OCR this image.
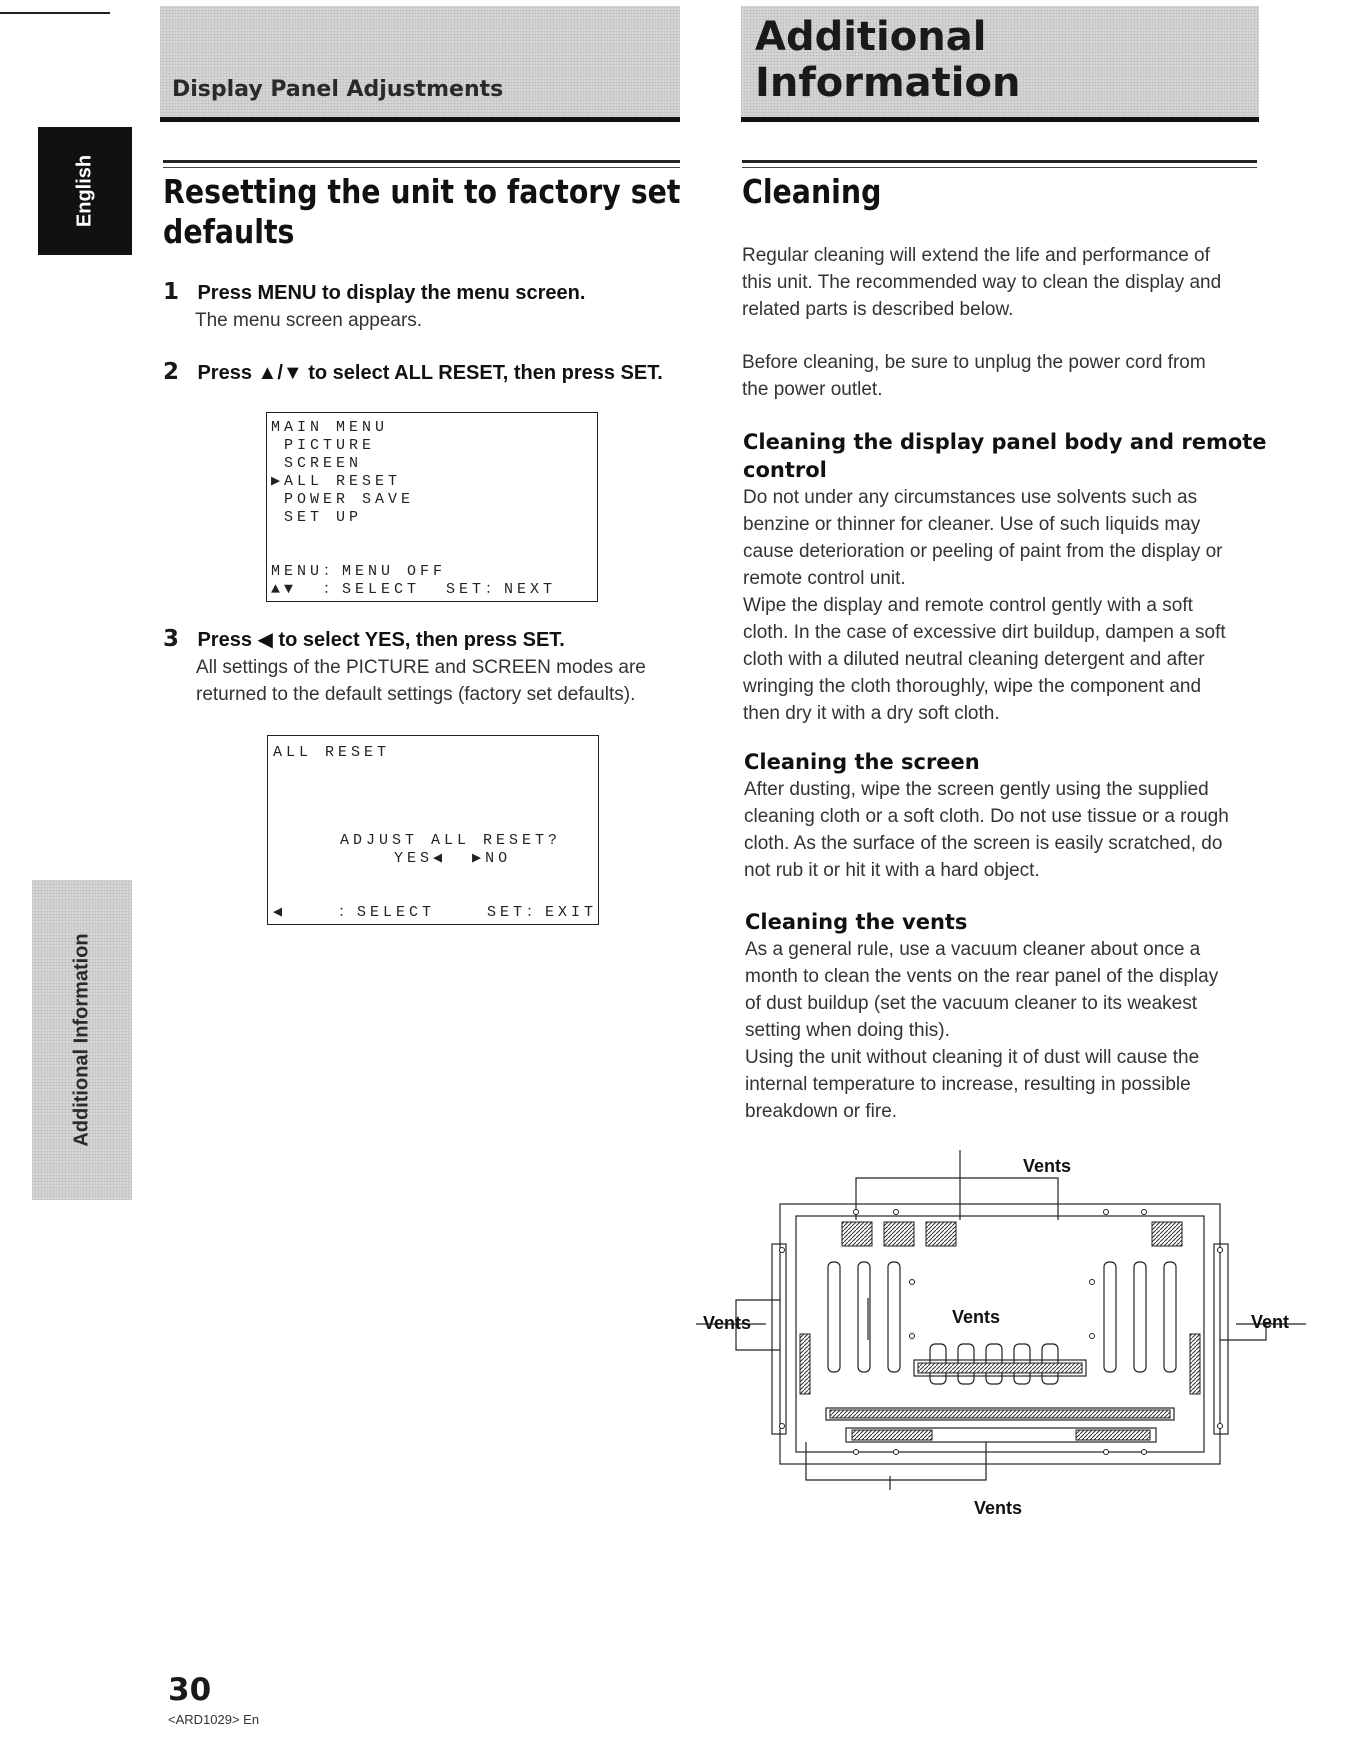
Display Panel Adjustments
Additional Information
English
Additional Information
Resetting the unit to factory set
defaults
1 Press MENU to display the menu screen.
The menu screen appears.
2 Press ▲/▼ to select ALL RESET, then press SET.
MAIN MENU
PICTURE
SCREEN
▶ALL RESET
POWER SAVE
SET UP
MENU：MENU OFF
▲▼  ：SELECT  SET：NEXT
3 Press ◀ to select YES, then press SET.
All settings of the PICTURE and SCREEN modes are
returned to the default settings (factory set defaults).
ALL RESET
ADJUST ALL RESET?
YES◀  ▶NO
◀    ：SELECT    SET：EXIT
Cleaning
Regular cleaning will extend the life and performance of
this unit. The recommended way to clean the display and
related parts is described below.
Before cleaning, be sure to unplug the power cord from
the power outlet.
Cleaning the display panel body and remote
control
Do not under any circumstances use solvents such as
benzine or thinner for cleaner. Use of such liquids may
cause deterioration or peeling of paint from the display or
remote control unit.
Wipe the display and remote control gently with a soft
cloth. In the case of excessive dirt buildup, dampen a soft
cloth with a diluted neutral cleaning detergent and after
wringing the cloth thoroughly, wipe the component and
then dry it with a dry soft cloth.
Cleaning the screen
After dusting, wipe the screen gently using the supplied
cleaning cloth or a soft cloth. Do not use tissue or a rough
cloth. As the surface of the screen is easily scratched, do
not rub it or hit it with a hard object.
Cleaning the vents
As a general rule, use a vacuum cleaner about once a
month to clean the vents on the rear panel of the display
of dust buildup (set the vacuum cleaner to its weakest
setting when doing this).
Using the unit without cleaning it of dust will cause the
internal temperature to increase, resulting in possible
breakdown or fire.
Vents
Vents	Vent
Vents
Vents
30
<ARD1029> En
